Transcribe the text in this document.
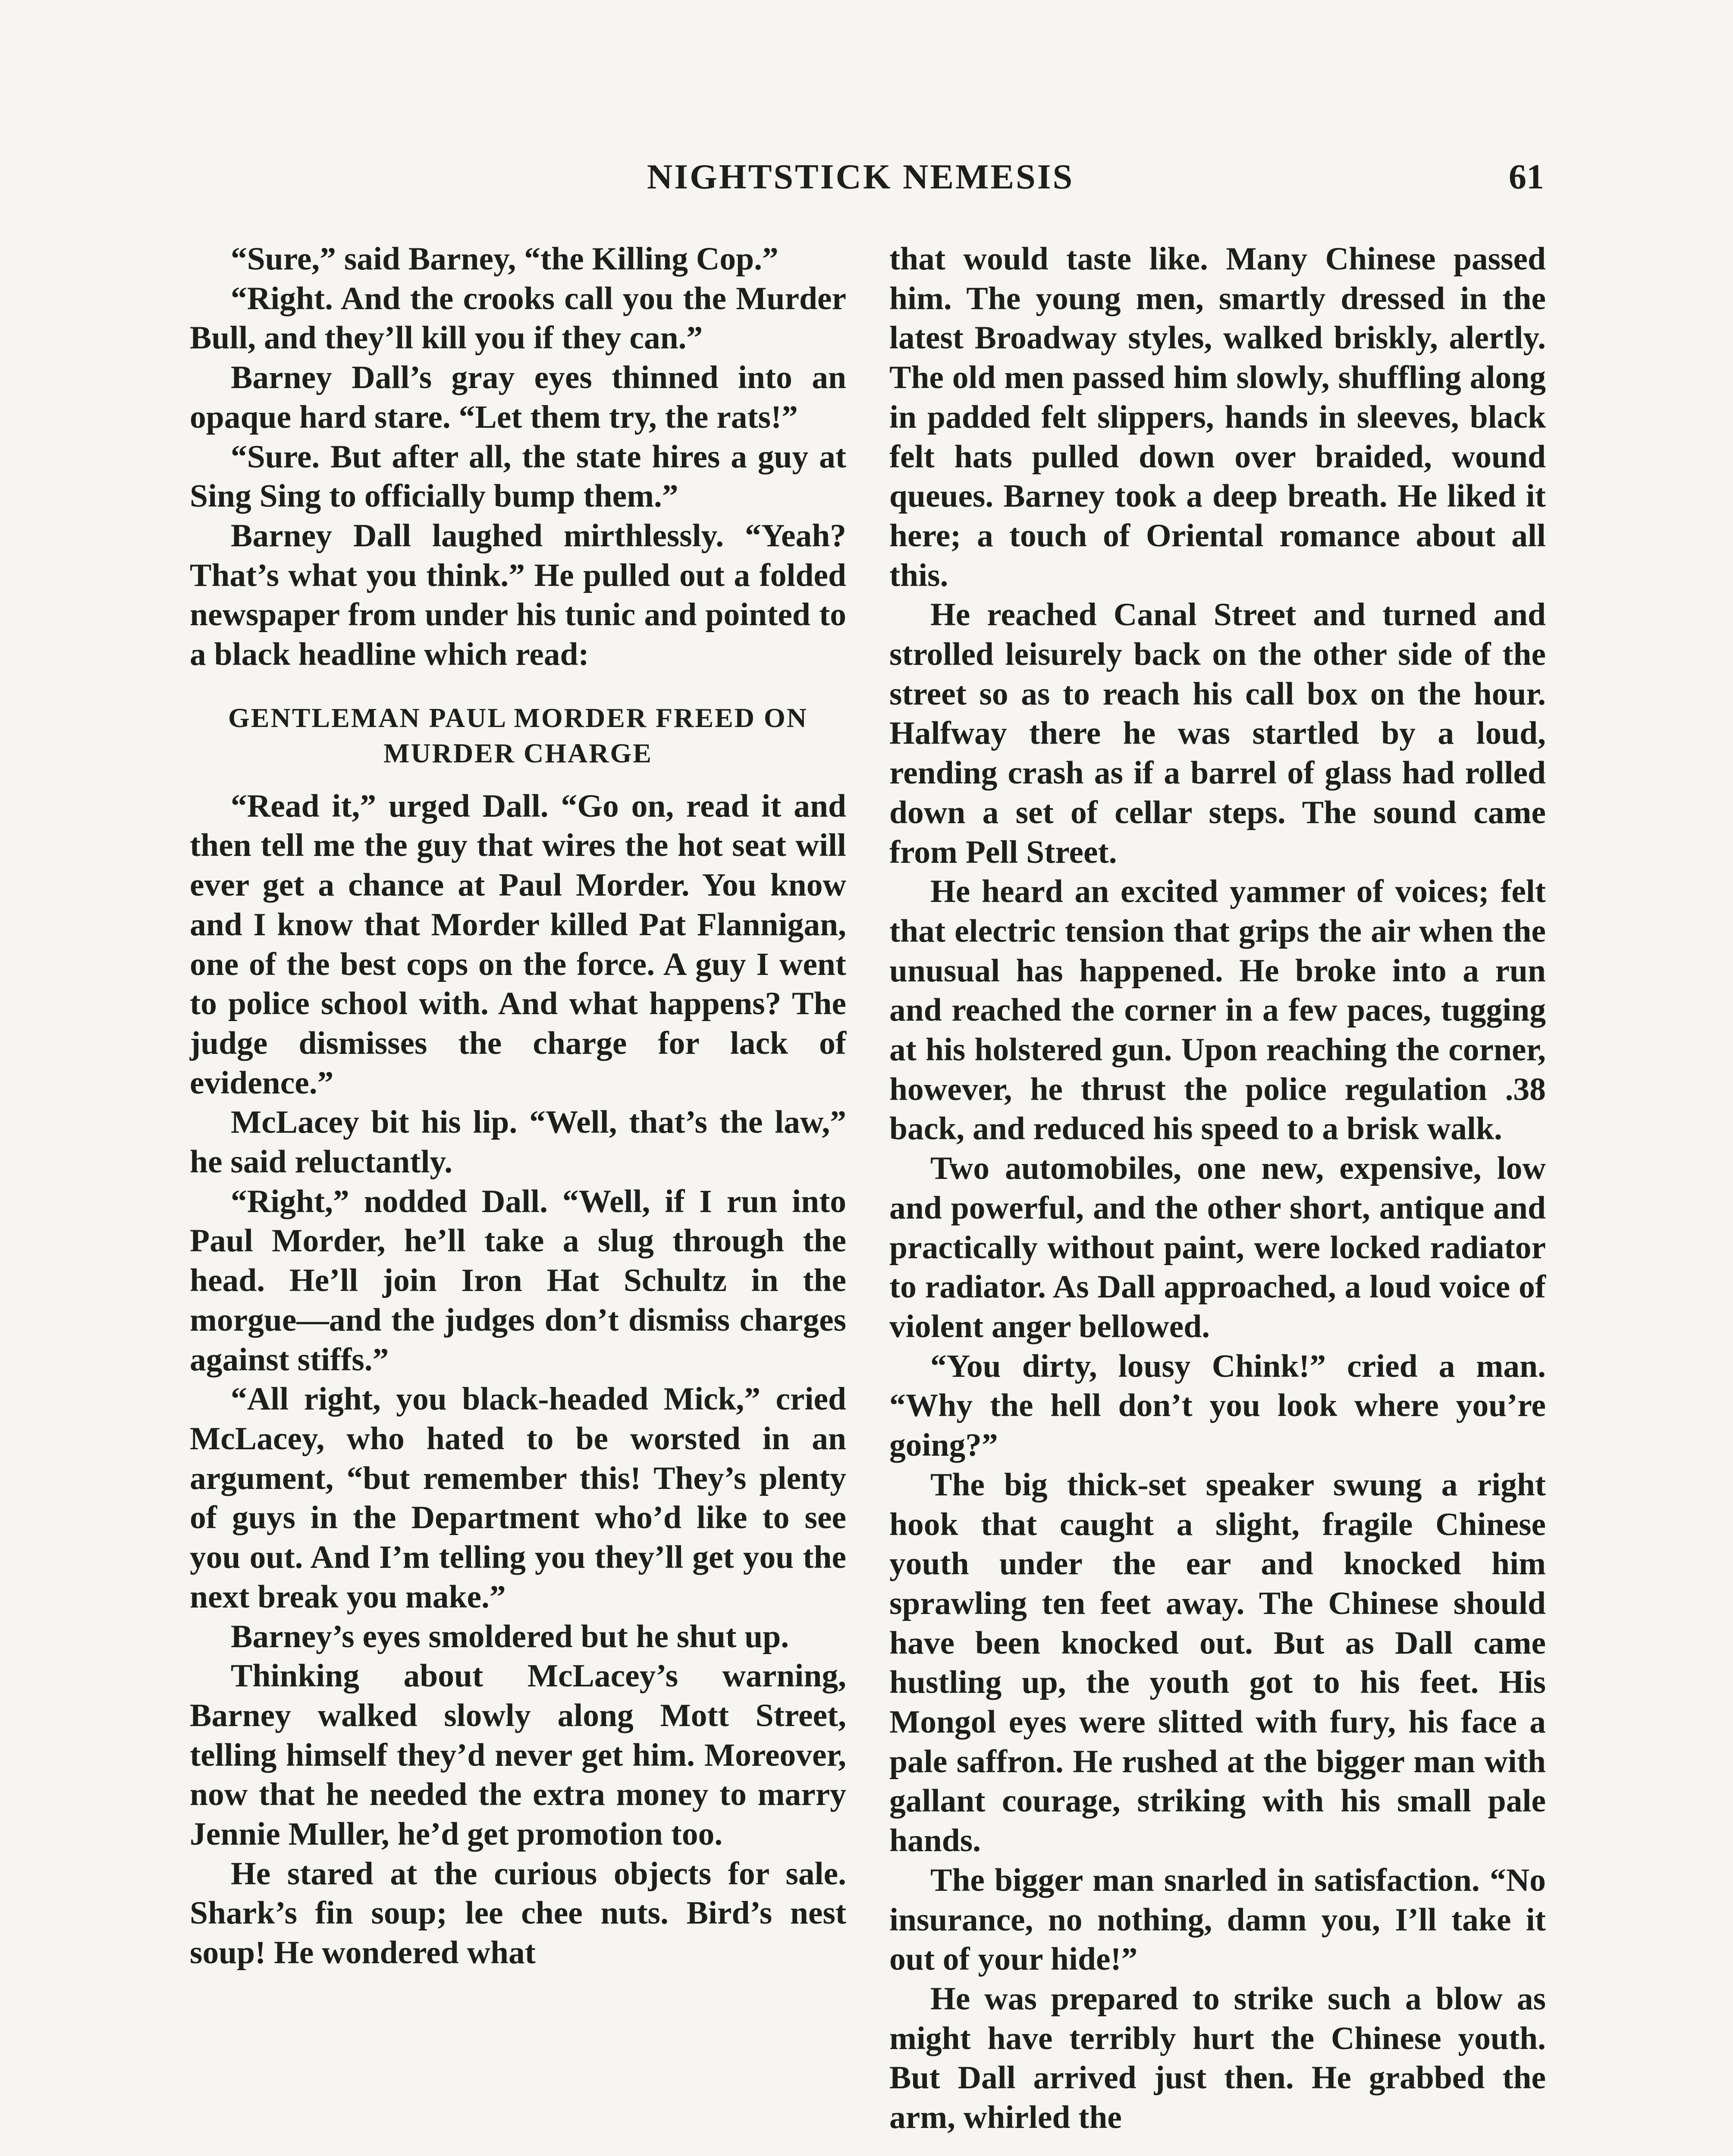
NIGHTSTICK NEMESIS	61

“Sure,” said Barney, “the Killing Cop.”

“Right. And the crooks call you the Murder Bull, and they’ll kill you if they can.”

Barney Dall’s gray eyes thinned into an opaque hard stare. “Let them try, the rats!”

“Sure. But after all, the state hires a guy at Sing Sing to officially bump them.”

Barney Dall laughed mirthlessly. “Yeah? That’s what you think.” He pulled out a folded newspaper from under his tunic and pointed to a black headline which read:

GENTLEMAN PAUL MORDER FREED ON MURDER CHARGE

“Read it,” urged Dall. “Go on, read it and then tell me the guy that wires the hot seat will ever get a chance at Paul Morder. You know and I know that Morder killed Pat Flannigan, one of the best cops on the force. A guy I went to police school with. And what happens? The judge dismisses the charge for lack of evidence.”

McLacey bit his lip. “Well, that’s the law,” he said reluctantly.

“Right,” nodded Dall. “Well, if I run into Paul Morder, he’ll take a slug through the head. He’ll join Iron Hat Schultz in the morgue—and the judges don’t dismiss charges against stiffs.”

“All right, you black-headed Mick,” cried McLacey, who hated to be worsted in an argument, “but remember this! They’s plenty of guys in the Department who’d like to see you out. And I’m telling you they’ll get you the next break you make.”

Barney’s eyes smoldered but he shut up.

Thinking about McLacey’s warning, Barney walked slowly along Mott Street, telling himself they’d never get him. Moreover, now that he needed the extra money to marry Jennie Muller, he’d get promotion too.

He stared at the curious objects for sale. Shark’s fin soup; lee chee nuts. Bird’s nest soup! He wondered what

that would taste like. Many Chinese passed him. The young men, smartly dressed in the latest Broadway styles, walked briskly, alertly. The old men passed him slowly, shuffling along in padded felt slippers, hands in sleeves, black felt hats pulled down over braided, wound queues. Barney took a deep breath. He liked it here; a touch of Oriental romance about all this.

He reached Canal Street and turned and strolled leisurely back on the other side of the street so as to reach his call box on the hour. Halfway there he was startled by a loud, rending crash as if a barrel of glass had rolled down a set of cellar steps. The sound came from Pell Street.

He heard an excited yammer of voices; felt that electric tension that grips the air when the unusual has happened. He broke into a run and reached the corner in a few paces, tugging at his holstered gun. Upon reaching the corner, however, he thrust the police regulation .38 back, and reduced his speed to a brisk walk.

Two automobiles, one new, expensive, low and powerful, and the other short, antique and practically without paint, were locked radiator to radiator. As Dall approached, a loud voice of violent anger bellowed.

“You dirty, lousy Chink!” cried a man. “Why the hell don’t you look where you’re going?”

The big thick-set speaker swung a right hook that caught a slight, fragile Chinese youth under the ear and knocked him sprawling ten feet away. The Chinese should have been knocked out. But as Dall came hustling up, the youth got to his feet. His Mongol eyes were slitted with fury, his face a pale saffron. He rushed at the bigger man with gallant courage, striking with his small pale hands.

The bigger man snarled in satisfaction. “No insurance, no nothing, damn you, I’ll take it out of your hide!”

He was prepared to strike such a blow as might have terribly hurt the Chinese youth. But Dall arrived just then. He grabbed the arm, whirled the
